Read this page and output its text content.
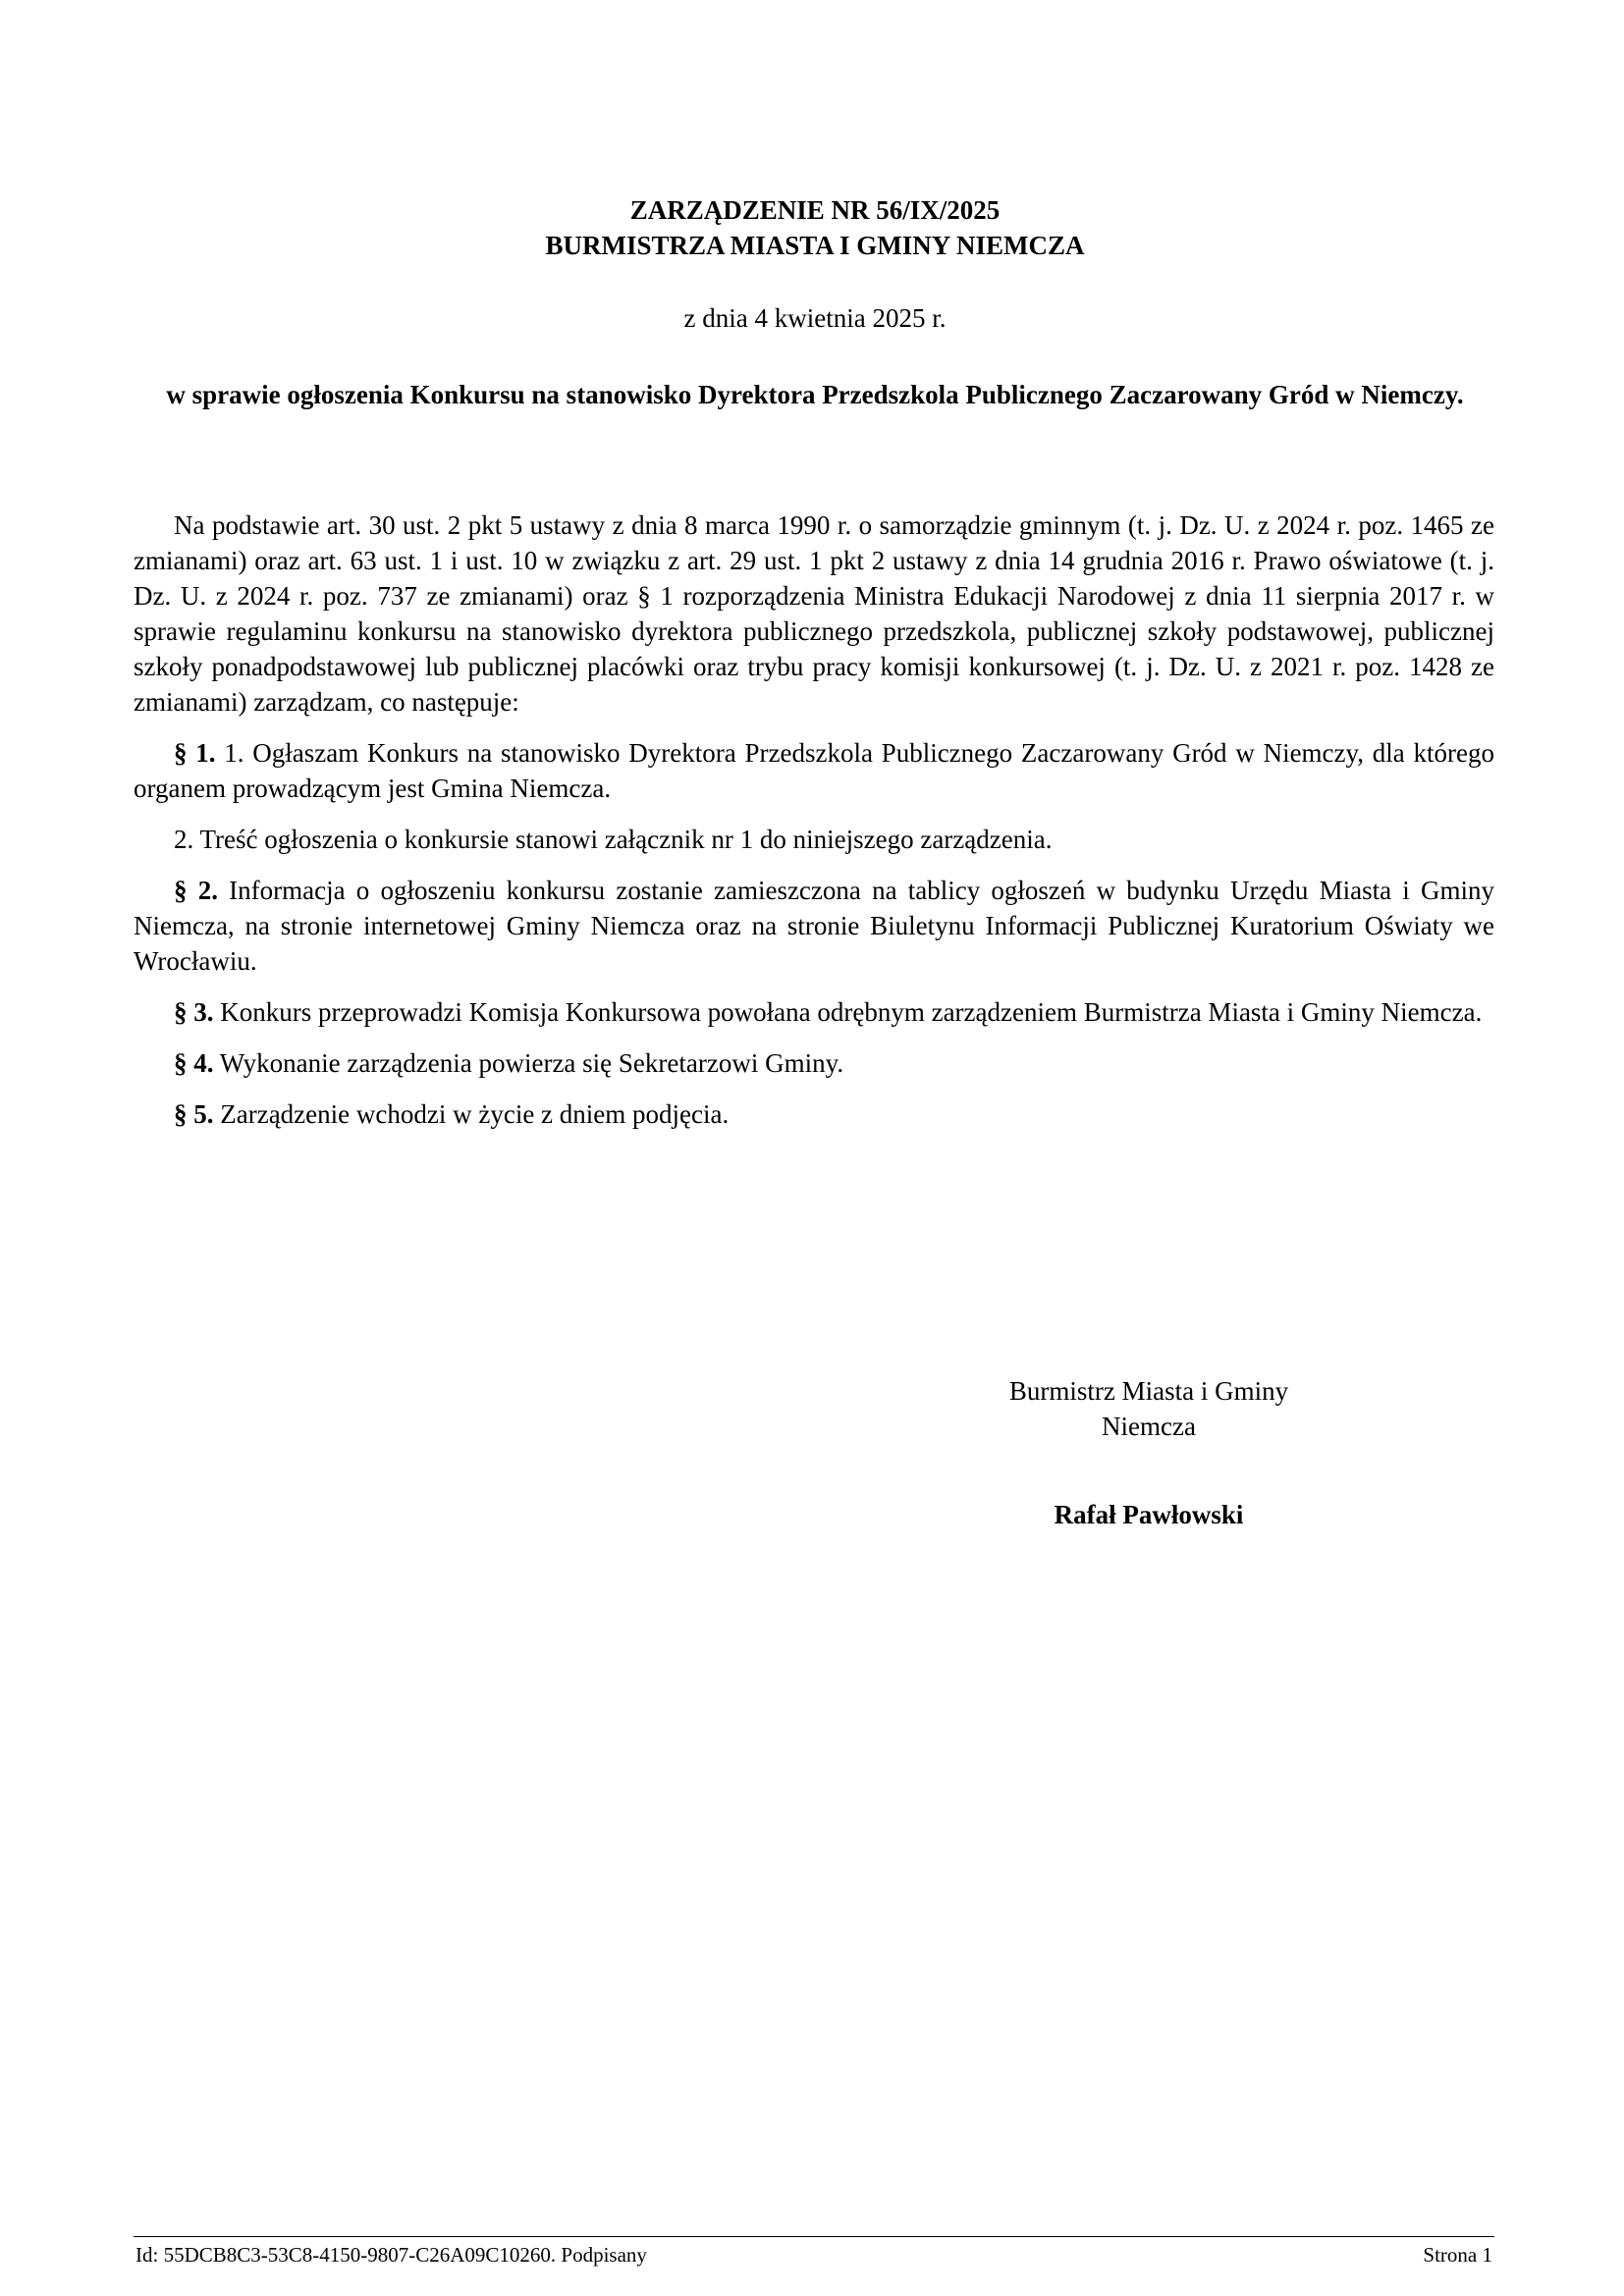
ZARZĄDZENIE NR 56/IX/2025
BURMISTRZA MIASTA I GMINY NIEMCZA
z dnia 4 kwietnia 2025 r.
w sprawie ogłoszenia Konkursu na stanowisko Dyrektora Przedszkola Publicznego Zaczarowany Gród w Niemczy.

Na podstawie art. 30 ust. 2 pkt 5 ustawy z dnia 8 marca 1990 r. o samorządzie gminnym (t. j. Dz. U. z 2024 r. poz. 1465 ze zmianami) oraz art. 63 ust. 1 i ust. 10 w związku z art. 29 ust. 1 pkt 2 ustawy z dnia 14 grudnia 2016 r. Prawo oświatowe (t. j. Dz. U. z 2024 r. poz. 737 ze zmianami) oraz § 1 rozporządzenia Ministra Edukacji Narodowej z dnia 11 sierpnia 2017 r. w sprawie regulaminu konkursu na stanowisko dyrektora publicznego przedszkola, publicznej szkoły podstawowej, publicznej szkoły ponadpodstawowej lub publicznej placówki oraz trybu pracy komisji konkursowej (t. j. Dz. U. z 2021 r. poz. 1428 ze zmianami) zarządzam, co następuje:

§ 1. 1. Ogłaszam Konkurs na stanowisko Dyrektora Przedszkola Publicznego Zaczarowany Gród w Niemczy, dla którego organem prowadzącym jest Gmina Niemcza.

2. Treść ogłoszenia o konkursie stanowi załącznik nr 1 do niniejszego zarządzenia.

§ 2. Informacja o ogłoszeniu konkursu zostanie zamieszczona na tablicy ogłoszeń w budynku Urzędu Miasta i Gminy Niemcza, na stronie internetowej Gminy Niemcza oraz na stronie Biuletynu Informacji Publicznej Kuratorium Oświaty we Wrocławiu.

§ 3. Konkurs przeprowadzi Komisja Konkursowa powołana odrębnym zarządzeniem Burmistrza Miasta i Gminy Niemcza.

§ 4. Wykonanie zarządzenia powierza się Sekretarzowi Gminy.

§ 5. Zarządzenie wchodzi w życie z dniem podjęcia.

Burmistrz Miasta i Gminy
Niemcza
Rafał Pawłowski
Id: 55DCB8C3-53C8-4150-9807-C26A09C10260. Podpisany	Strona 1
